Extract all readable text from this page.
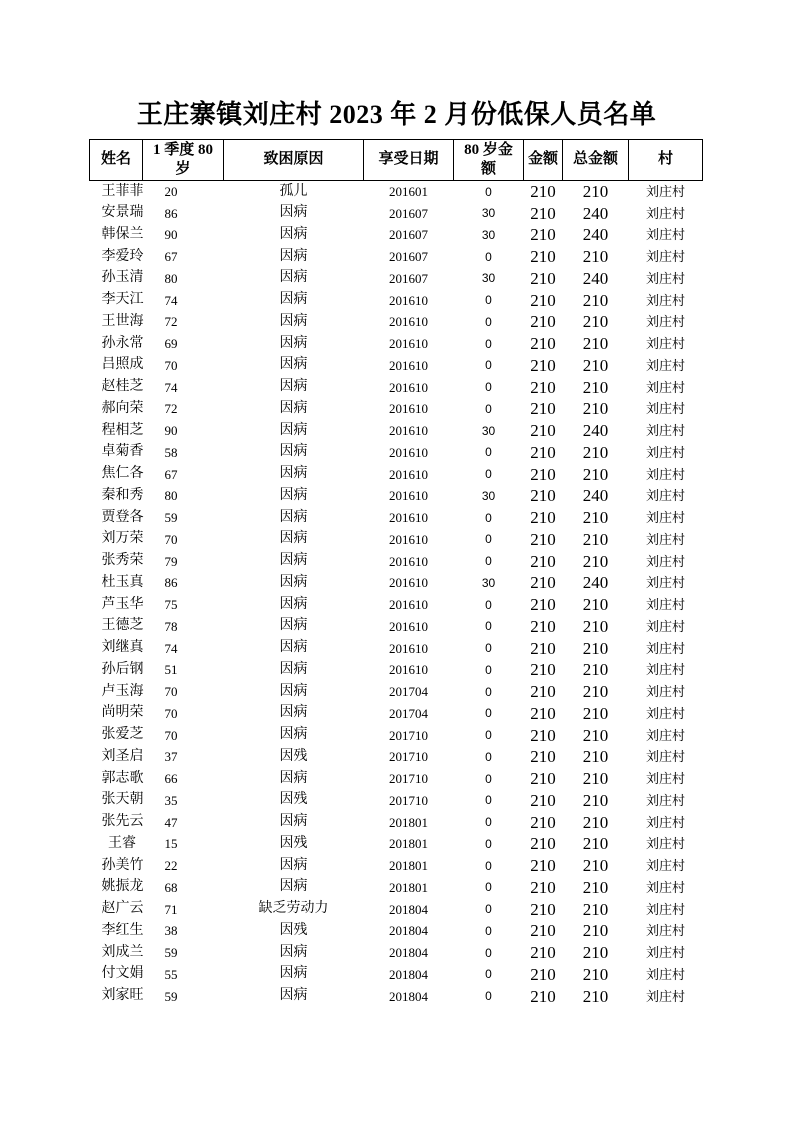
王庄寨镇刘庄村 2023 年 2 月份低保人员名单
姓名	1 季度 80 岁	致困原因	享受日期	80 岁金额	金额	总金额	村
王菲菲	20	孤儿	201601	0	210	210	刘庄村
安景瑞	86	因病	201607	30	210	240	刘庄村
韩保兰	90	因病	201607	30	210	240	刘庄村
李爱玲	67	因病	201607	0	210	210	刘庄村
孙玉清	80	因病	201607	30	210	240	刘庄村
李天江	74	因病	201610	0	210	210	刘庄村
王世海	72	因病	201610	0	210	210	刘庄村
孙永常	69	因病	201610	0	210	210	刘庄村
吕照成	70	因病	201610	0	210	210	刘庄村
赵桂芝	74	因病	201610	0	210	210	刘庄村
郝向荣	72	因病	201610	0	210	210	刘庄村
程相芝	90	因病	201610	30	210	240	刘庄村
卓菊香	58	因病	201610	0	210	210	刘庄村
焦仁各	67	因病	201610	0	210	210	刘庄村
秦和秀	80	因病	201610	30	210	240	刘庄村
贾登各	59	因病	201610	0	210	210	刘庄村
刘万荣	70	因病	201610	0	210	210	刘庄村
张秀荣	79	因病	201610	0	210	210	刘庄村
杜玉真	86	因病	201610	30	210	240	刘庄村
芦玉华	75	因病	201610	0	210	210	刘庄村
王德芝	78	因病	201610	0	210	210	刘庄村
刘继真	74	因病	201610	0	210	210	刘庄村
孙后钢	51	因病	201610	0	210	210	刘庄村
卢玉海	70	因病	201704	0	210	210	刘庄村
尚明荣	70	因病	201704	0	210	210	刘庄村
张爱芝	70	因病	201710	0	210	210	刘庄村
刘圣启	37	因残	201710	0	210	210	刘庄村
郭志歌	66	因病	201710	0	210	210	刘庄村
张天朝	35	因残	201710	0	210	210	刘庄村
张先云	47	因病	201801	0	210	210	刘庄村
王睿	15	因残	201801	0	210	210	刘庄村
孙美竹	22	因病	201801	0	210	210	刘庄村
姚振龙	68	因病	201801	0	210	210	刘庄村
赵广云	71	缺乏劳动力	201804	0	210	210	刘庄村
李红生	38	因残	201804	0	210	210	刘庄村
刘成兰	59	因病	201804	0	210	210	刘庄村
付文娟	55	因病	201804	0	210	210	刘庄村
刘家旺	59	因病	201804	0	210	210	刘庄村
